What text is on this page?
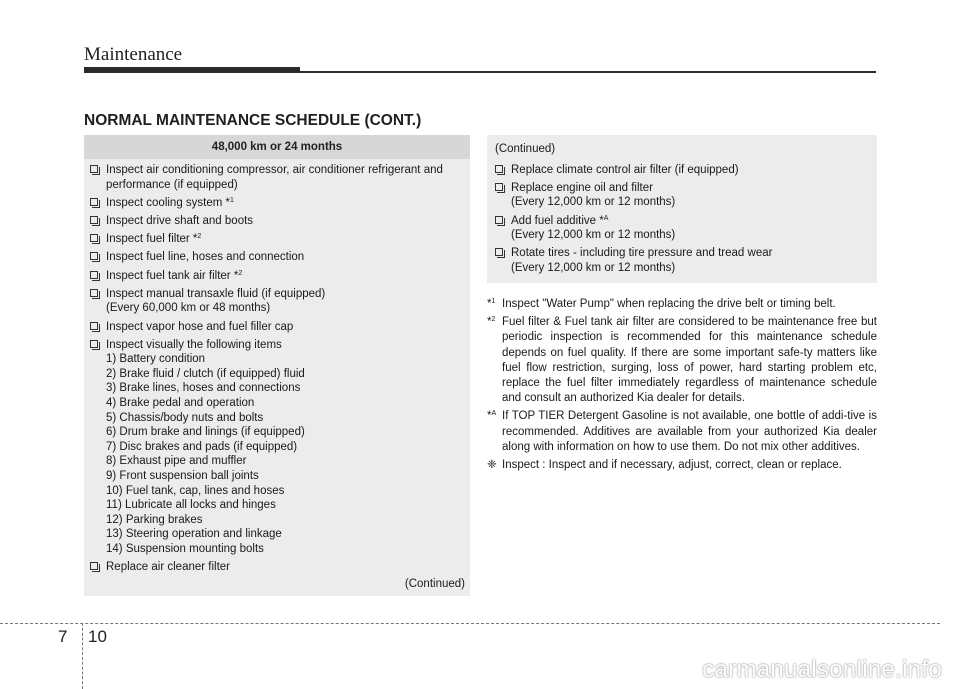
Maintenance
NORMAL MAINTENANCE SCHEDULE (CONT.)
48,000 km or 24 months
Inspect air conditioning compressor, air conditioner refrigerant and
performance (if equipped)
Inspect cooling system *$^1$
Inspect drive shaft and boots
Inspect fuel filter *$^2$
Inspect fuel line, hoses and connection
Inspect fuel tank air filter *$^2$
Inspect manual transaxle fluid (if equipped)
(Every 60,000 km or 48 months)
Inspect vapor hose and fuel filler cap
Inspect visually the following items
1) Battery condition
2) Brake fluid / clutch (if equipped) fluid
3) Brake lines, hoses and connections
4) Brake pedal and operation
5) Chassis/body nuts and bolts
6) Drum brake and linings (if equipped)
7) Disc brakes and pads (if equipped)
8) Exhaust pipe and muffler
9) Front suspension ball joints
10) Fuel tank, cap, lines and hoses
11) Lubricate all locks and hinges
12) Parking brakes
13) Steering operation and linkage
14) Suspension mounting bolts
Replace air cleaner filter
(Continued)
(Continued)
Replace climate control air filter (if equipped)
Replace engine oil and filter
(Every 12,000 km or 12 months)
Add fuel additive *$^A$
(Every 12,000 km or 12 months)
Rotate tires - including tire pressure and tread wear
(Every 12,000 km or 12 months)
*$^1$ Inspect "Water Pump" when replacing the drive belt or timing belt.
*$^2$ Fuel filter & Fuel tank air filter are considered to be maintenance free but periodic inspection is recommended for this maintenance schedule depends on fuel quality. If there are some important safe-ty matters like fuel flow restriction, surging, loss of power, hard starting problem etc, replace the fuel filter immediately regardless of maintenance schedule and consult an authorized Kia dealer for details.
*$^A$ If TOP TIER Detergent Gasoline is not available, one bottle of addi-tive is recommended. Additives are available from your authorized Kia dealer along with information on how to use them. Do not mix other additives.
❈ Inspect : Inspect and if necessary, adjust, correct, clean or replace.
7 10
carmanualsonline.info
